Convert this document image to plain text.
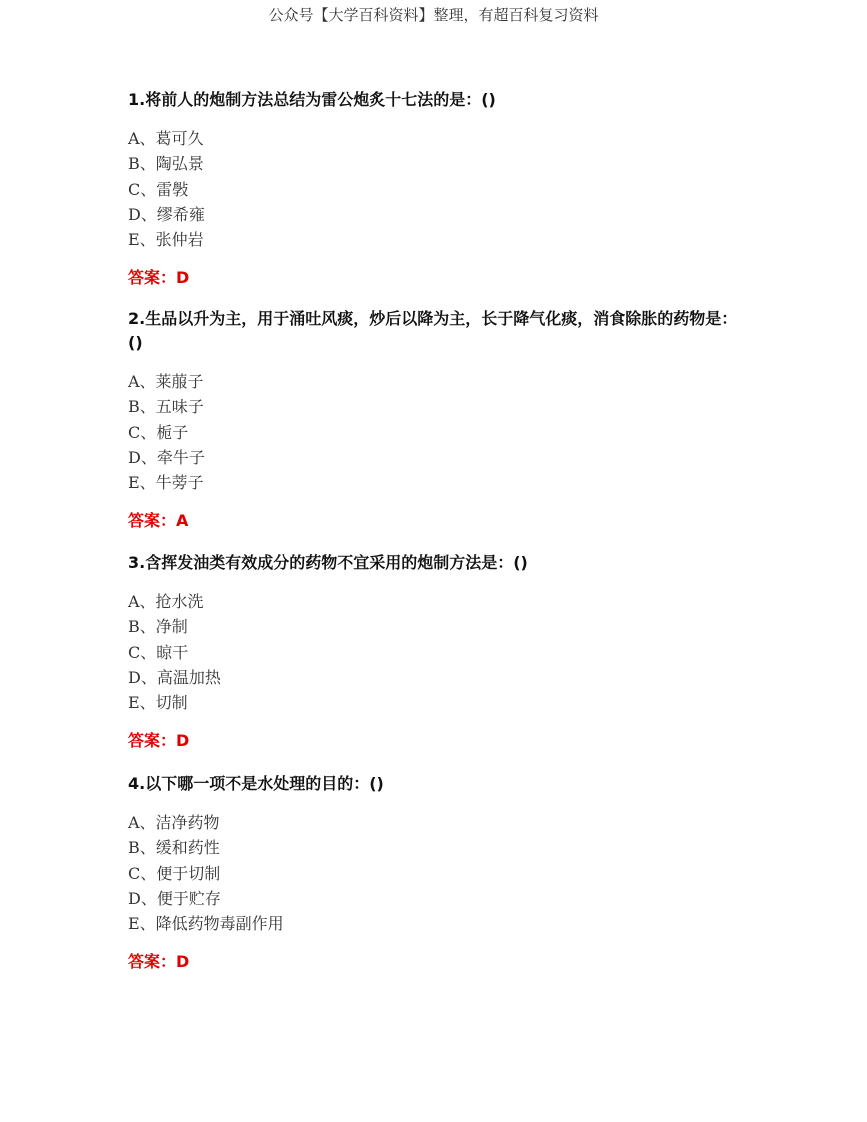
公众号【大学百科资料】整理，有超百科复习资料

1.将前人的炮制方法总结为雷公炮炙十七法的是：()

A、葛可久
B、陶弘景
C、雷斅
D、缪希雍
E、张仲岩
答案：D

2.生品以升为主，用于涌吐风痰，炒后以降为主，长于降气化痰，消食除胀的药物是：()

A、莱菔子
B、五味子
C、栀子
D、牵牛子
E、牛蒡子
答案：A

3.含挥发油类有效成分的药物不宜采用的炮制方法是：()

A、抢水洗
B、净制
C、晾干
D、高温加热
E、切制
答案：D

4.以下哪一项不是水处理的目的：()

A、洁净药物
B、缓和药性
C、便于切制
D、便于贮存
E、降低药物毒副作用
答案：D
